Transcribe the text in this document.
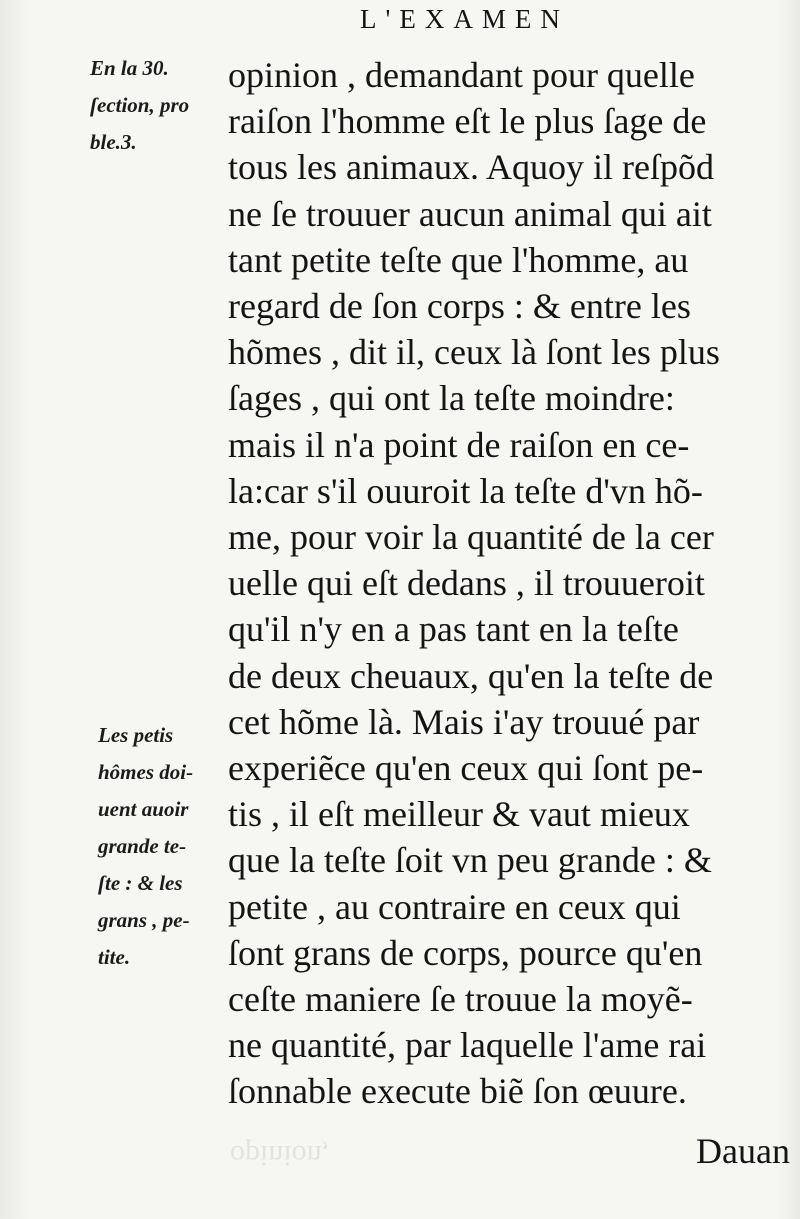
L'EXAMEN
En la 30.
ſection, pro
ble.3.
Les petis
hômes doi-
uent auoir
grande te-
ſte : & les
grans , pe-
tite.
opinion , demandant pour quelle
raiſon l'homme eſt le plus ſage de
tous les animaux. Aquoy il reſpõd
ne ſe trouuer aucun animal qui ait
tant petite teſte que l'homme, au
regard de ſon corps : & entre les
hõmes , dit il, ceux là ſont les plus
ſages , qui ont la teſte moindre:
mais il n'a point de raiſon en ce-
la:car s'il ouuroit la teſte d'vn hõ-
me, pour voir la quantité de la cer
uelle qui eſt dedans , il trouueroit
qu'il n'y en a pas tant en la teſte
de deux cheuaux, qu'en la teſte de
cet hõme là. Mais i'ay trouué par
experiẽce qu'en ceux qui ſont pe-
tis , il eſt meilleur & vaut mieux
que la teſte ſoit vn peu grande : &
petite , au contraire en ceux qui
ſont grans de corps, pource qu'en
ceſte maniere ſe trouue la moyẽ-
ne quantité, par laquelle l'ame rai
ſonnable execute biẽ ſon œuure.
opinion,	Dauan
